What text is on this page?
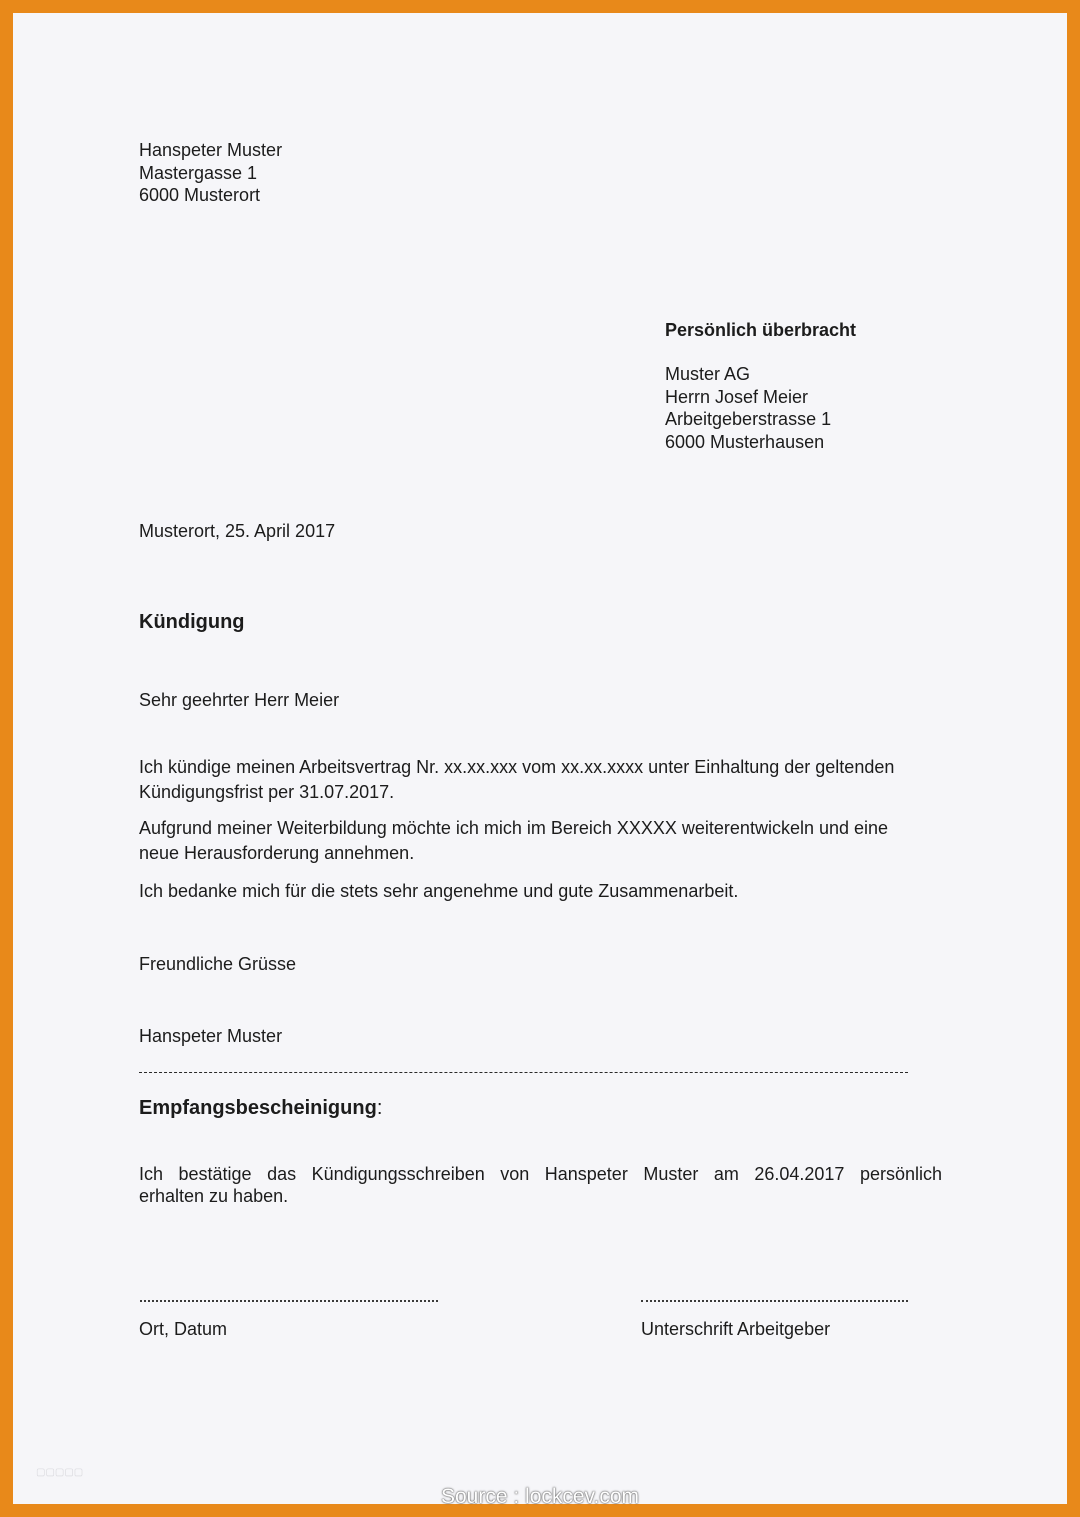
Hanspeter Muster
Mastergasse 1
6000 Musterort
Persönlich überbracht
Muster AG
Herrn Josef Meier
Arbeitgeberstrasse 1
6000 Musterhausen
Musterort, 25. April 2017
Kündigung
Sehr geehrter Herr Meier
Ich kündige meinen Arbeitsvertrag Nr. xx.xx.xxx vom xx.xx.xxxx unter Einhaltung der geltenden
Kündigungsfrist per 31.07.2017.
Aufgrund meiner Weiterbildung möchte ich mich im Bereich XXXXX weiterentwickeln und eine
neue Herausforderung annehmen.
Ich bedanke mich für die stets sehr angenehme und gute Zusammenarbeit.
Freundliche Grüsse
Hanspeter Muster
Empfangsbescheinigung:
Ich bestätige das Kündigungsschreiben von Hanspeter Muster am 26.04.2017 persönlich
erhalten zu haben.
Ort, Datum	Unterschrift Arbeitgeber
▢▢▢▢▢
Source : lockcev.com
